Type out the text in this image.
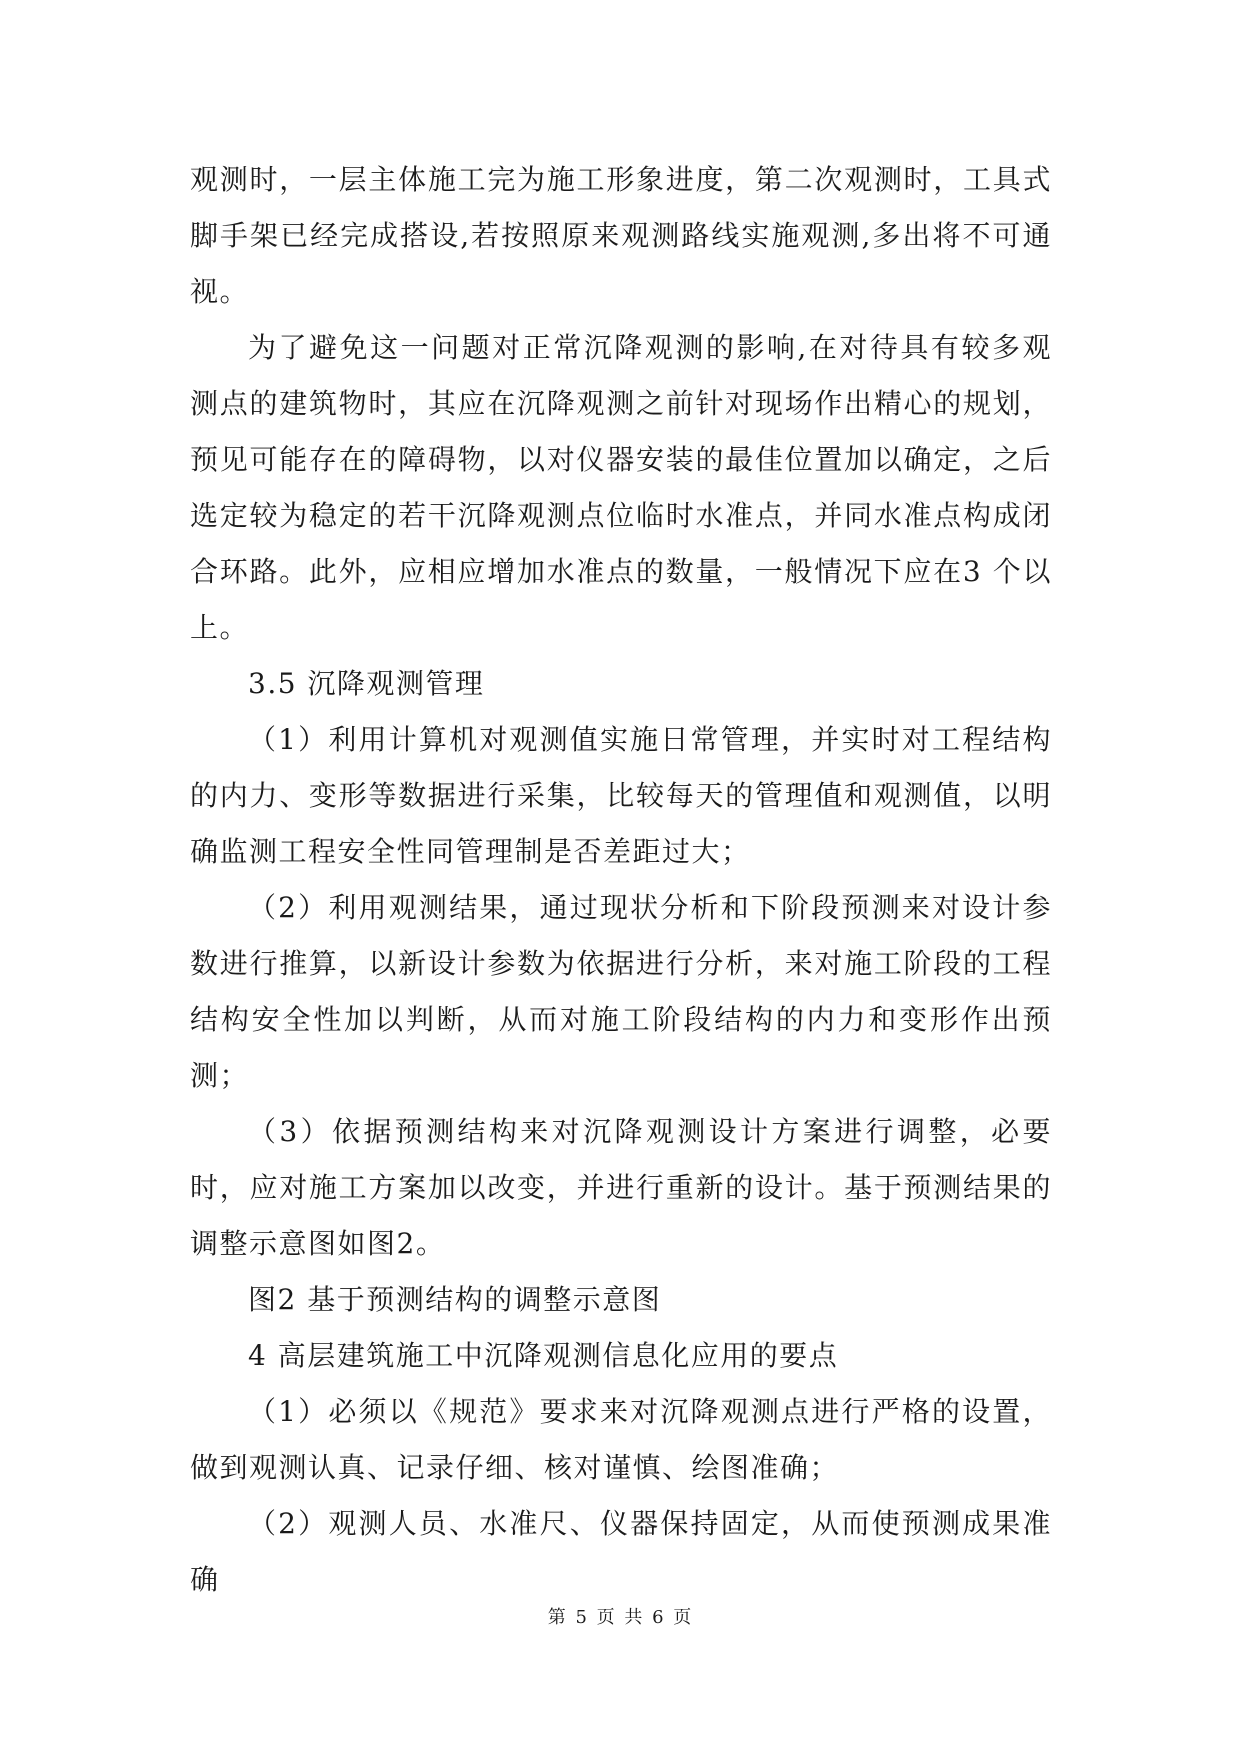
观测时，一层主体施工完为施工形象进度，第二次观测时，工具式脚手架已经完成搭设,若按照原来观测路线实施观测,多出将不可通视。

为了避免这一问题对正常沉降观测的影响,在对待具有较多观测点的建筑物时，其应在沉降观测之前针对现场作出精心的规划，预见可能存在的障碍物，以对仪器安装的最佳位置加以确定，之后选定较为稳定的若干沉降观测点位临时水准点，并同水准点构成闭合环路。此外，应相应增加水准点的数量，一般情况下应在3 个以上。

3.5 沉降观测管理

（1）利用计算机对观测值实施日常管理，并实时对工程结构的内力、变形等数据进行采集，比较每天的管理值和观测值，以明确监测工程安全性同管理制是否差距过大；

（2）利用观测结果，通过现状分析和下阶段预测来对设计参数进行推算，以新设计参数为依据进行分析，来对施工阶段的工程结构安全性加以判断，从而对施工阶段结构的内力和变形作出预测；

（3）依据预测结构来对沉降观测设计方案进行调整，必要时，应对施工方案加以改变，并进行重新的设计。基于预测结果的调整示意图如图2。

图2 基于预测结构的调整示意图

4 高层建筑施工中沉降观测信息化应用的要点

（1）必须以《规范》要求来对沉降观测点进行严格的设置，做到观测认真、记录仔细、核对谨慎、绘图准确；

（2）观测人员、水准尺、仪器保持固定，从而使预测成果准确

第 5 页 共 6 页
